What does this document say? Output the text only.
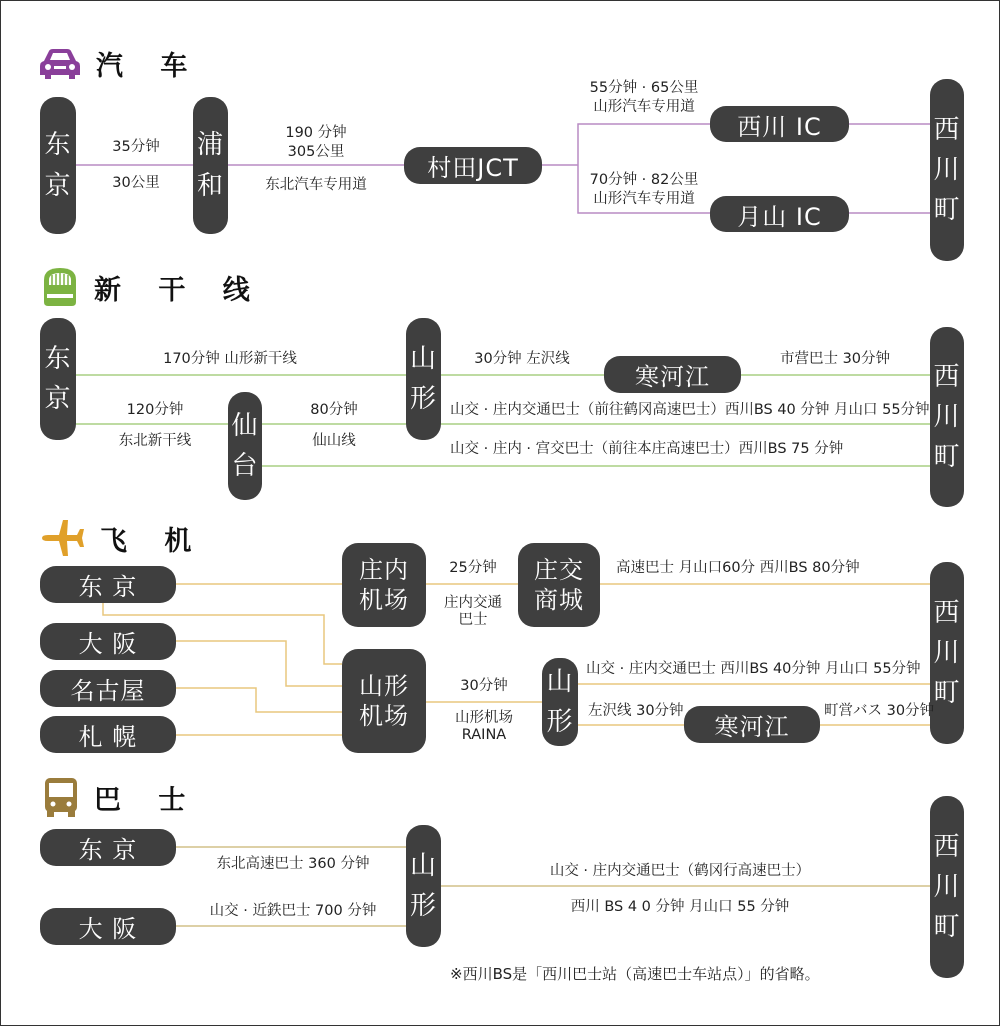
汽 车
东
京
浦
和
村田JCT
西川 IC
月山 IC
西
川
町
35分钟
30公里
190 分钟
305公里
东北汽车专用道
55分钟 · 65公里
山形汽车专用道
70分钟 · 82公里
山形汽车专用道
新 干 线
东
京
山
形
仙
台
寒河江	西
川
町
170分钟 山形新干线
120分钟
东北新干线
80分钟
仙山线
30分钟 左沢线	市营巴士 30分钟
山交 · 庄内交通巴士（前往鹤冈高速巴士）西川BS 40 分钟 月山口 55分钟
山交 · 庄内 · 宫交巴士（前往本庄高速巴士）西川BS 75 分钟
飞 机
东 京
大 阪
名古屋
札 幌
庄内
机场
庄交
商城
山形
机场
山
形	寒河江
西
川
町
25分钟
庄内交通
巴士
高速巴士 月山口60分 西川BS 80分钟
30分钟
山形机场
RAINA
山交 · 庄内交通巴士 西川BS 40分钟 月山口 55分钟
左沢线 30分钟	町営バス 30分钟
巴 士
东 京
大 阪
山
形
西
川
町
东北高速巴士 360 分钟
山交 · 近鉄巴士 700 分钟
山交 · 庄内交通巴士（鹤冈行高速巴士）
西川 BS 4 0 分钟 月山口 55 分钟
※西川BS是「西川巴士站（高速巴士车站点）」的省略。
